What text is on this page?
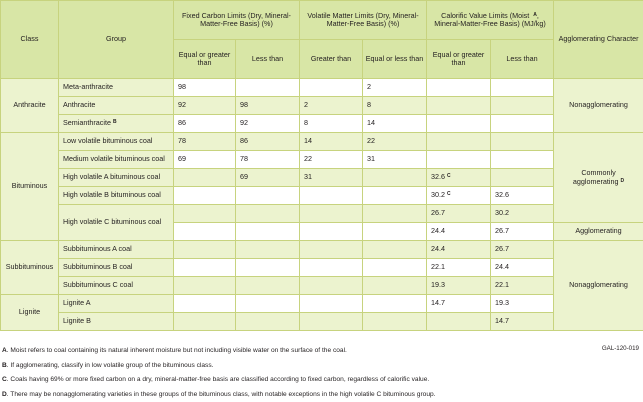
Class	Group	Fixed Carbon Limits (Dry, Mineral-Matter-Free Basis) (%)		Volatile Matter Limits (Dry, Mineral-Matter-Free Basis) (%)		Calorific Value Limits (Moist $^A$, Mineral-Matter-Free Basis) (MJ/kg)		Agglomerating Character
		Equal or greater than	Less than	Greater than	Equal or less than	Equal or greater than	Less than	
Anthracite	Meta-anthracite	98			2			Nonagglomerating
	Anthracite	92	98	2	8			
	Semianthracite $^B$	86	92	8	14			
Bituminous	Low volatile bituminous coal	78	86	14	22			Commonly agglomerating $^D$
	Medium volatile bituminous coal	69	78	22	31			
	High volatile A bituminous coal		69	31		32.6 $^C$	
	High volatile B bituminous coal					30.2 $^C$	32.6	
	High volatile C bituminous coal					26.7	30.2	
						24.4	26.7	Agglomerating
Subbituminous	Subbituminous A coal					24.4	26.7	Nonagglomerating
	Subbituminous B coal					22.1	24.4	
	Subbituminous C coal					19.3	22.1	
Lignite	Lignite A					14.7	19.3	
	Lignite B						14.7	
GAL-120-019
A. Moist refers to coal containing its natural inherent moisture but not including visible water on the surface of the coal.
B. If agglomerating, classify in low volatile group of the bituminous class.
C. Coals having 69% or more fixed carbon on a dry, mineral-matter-free basis are classified according to fixed carbon, regardless of calorific value.
D. There may be nonagglomerating varieties in these groups of the bituminous class, with notable exceptions in the high volatile C bituminous group.
